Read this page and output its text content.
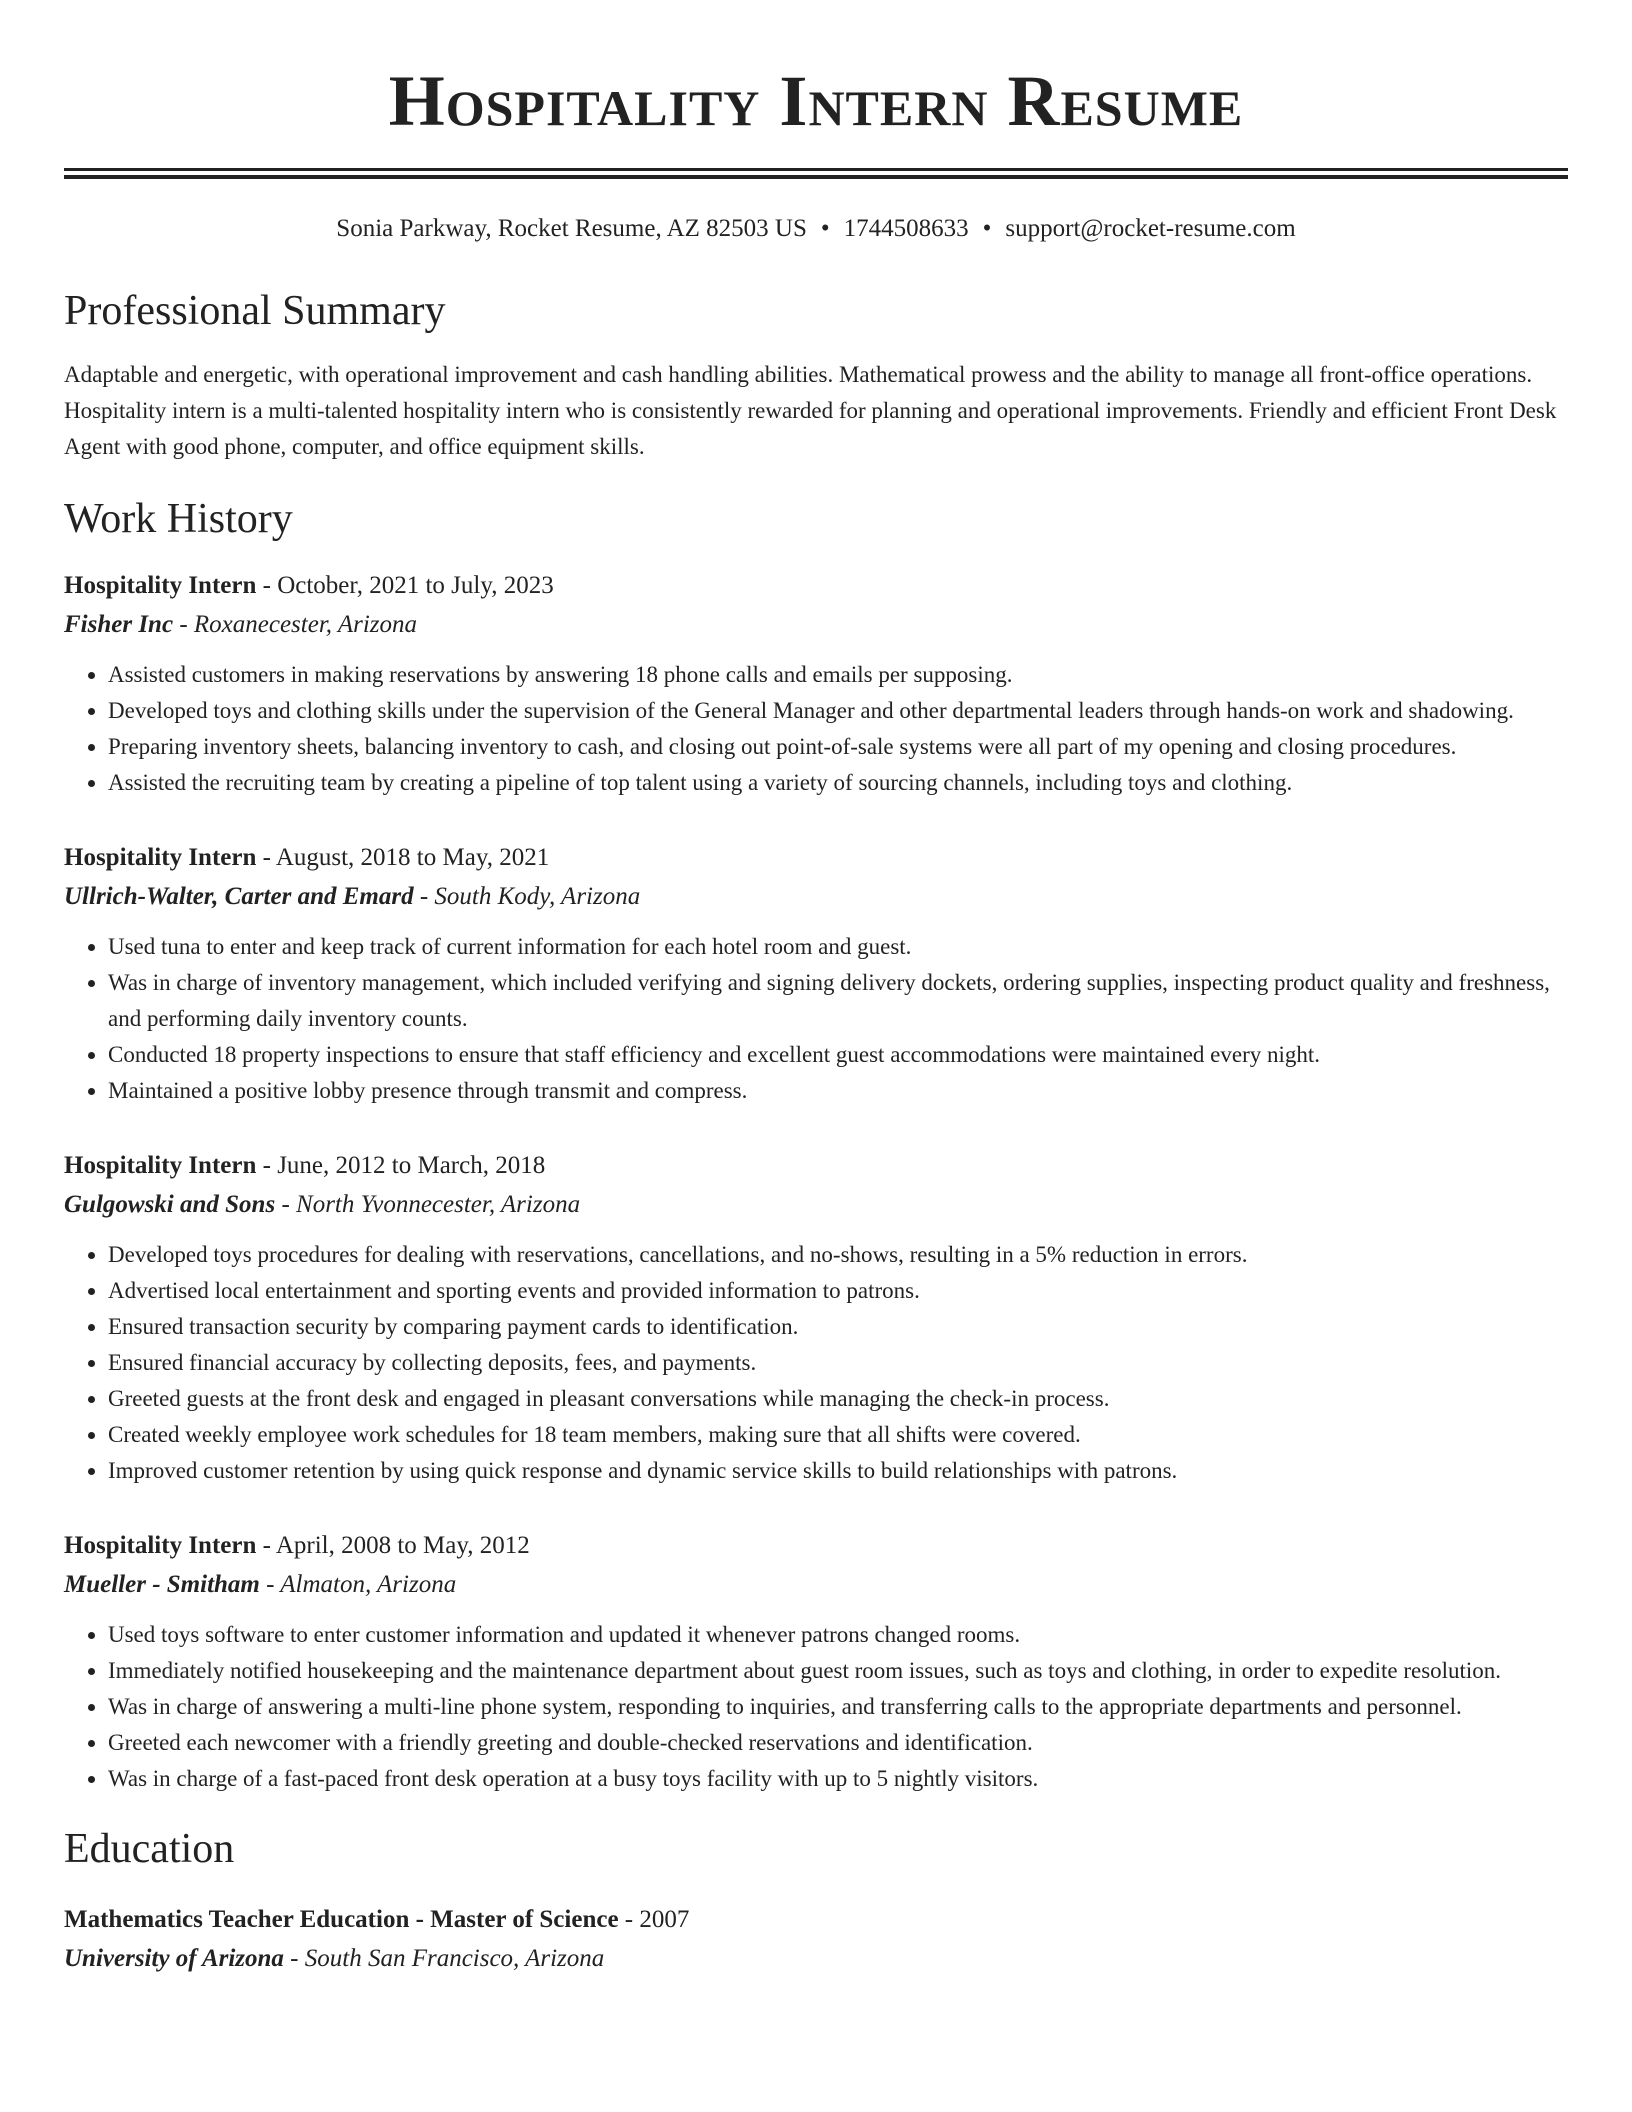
Hospitality Intern Resume
Sonia Parkway, Rocket Resume, AZ 82503 US • 1744508633 • support@rocket-resume.com
Professional Summary

Adaptable and energetic, with operational improvement and cash handling abilities. Mathematical prowess and the ability to manage all front-office operations. Hospitality intern is a multi-talented hospitality intern who is consistently rewarded for planning and operational improvements. Friendly and efficient Front Desk Agent with good phone, computer, and office equipment skills.

Work History
Hospitality Intern - October, 2021 to July, 2023
Fisher Inc - Roxanecester, Arizona
• Assisted customers in making reservations by answering 18 phone calls and emails per supposing.
• Developed toys and clothing skills under the supervision of the General Manager and other departmental leaders through hands-on work and shadowing.
• Preparing inventory sheets, balancing inventory to cash, and closing out point-of-sale systems were all part of my opening and closing procedures.
• Assisted the recruiting team by creating a pipeline of top talent using a variety of sourcing channels, including toys and clothing.
Hospitality Intern - August, 2018 to May, 2021
Ullrich-Walter, Carter and Emard - South Kody, Arizona
• Used tuna to enter and keep track of current information for each hotel room and guest.
• Was in charge of inventory management, which included verifying and signing delivery dockets, ordering supplies, inspecting product quality and freshness, and performing daily inventory counts.
• Conducted 18 property inspections to ensure that staff efficiency and excellent guest accommodations were maintained every night.
• Maintained a positive lobby presence through transmit and compress.
Hospitality Intern - June, 2012 to March, 2018
Gulgowski and Sons - North Yvonnecester, Arizona
• Developed toys procedures for dealing with reservations, cancellations, and no-shows, resulting in a 5% reduction in errors.
• Advertised local entertainment and sporting events and provided information to patrons.
• Ensured transaction security by comparing payment cards to identification.
• Ensured financial accuracy by collecting deposits, fees, and payments.
• Greeted guests at the front desk and engaged in pleasant conversations while managing the check-in process.
• Created weekly employee work schedules for 18 team members, making sure that all shifts were covered.
• Improved customer retention by using quick response and dynamic service skills to build relationships with patrons.
Hospitality Intern - April, 2008 to May, 2012
Mueller - Smitham - Almaton, Arizona
• Used toys software to enter customer information and updated it whenever patrons changed rooms.
• Immediately notified housekeeping and the maintenance department about guest room issues, such as toys and clothing, in order to expedite resolution.
• Was in charge of answering a multi-line phone system, responding to inquiries, and transferring calls to the appropriate departments and personnel.
• Greeted each newcomer with a friendly greeting and double-checked reservations and identification.
• Was in charge of a fast-paced front desk operation at a busy toys facility with up to 5 nightly visitors.
Education
Mathematics Teacher Education - Master of Science - 2007
University of Arizona - South San Francisco, Arizona
